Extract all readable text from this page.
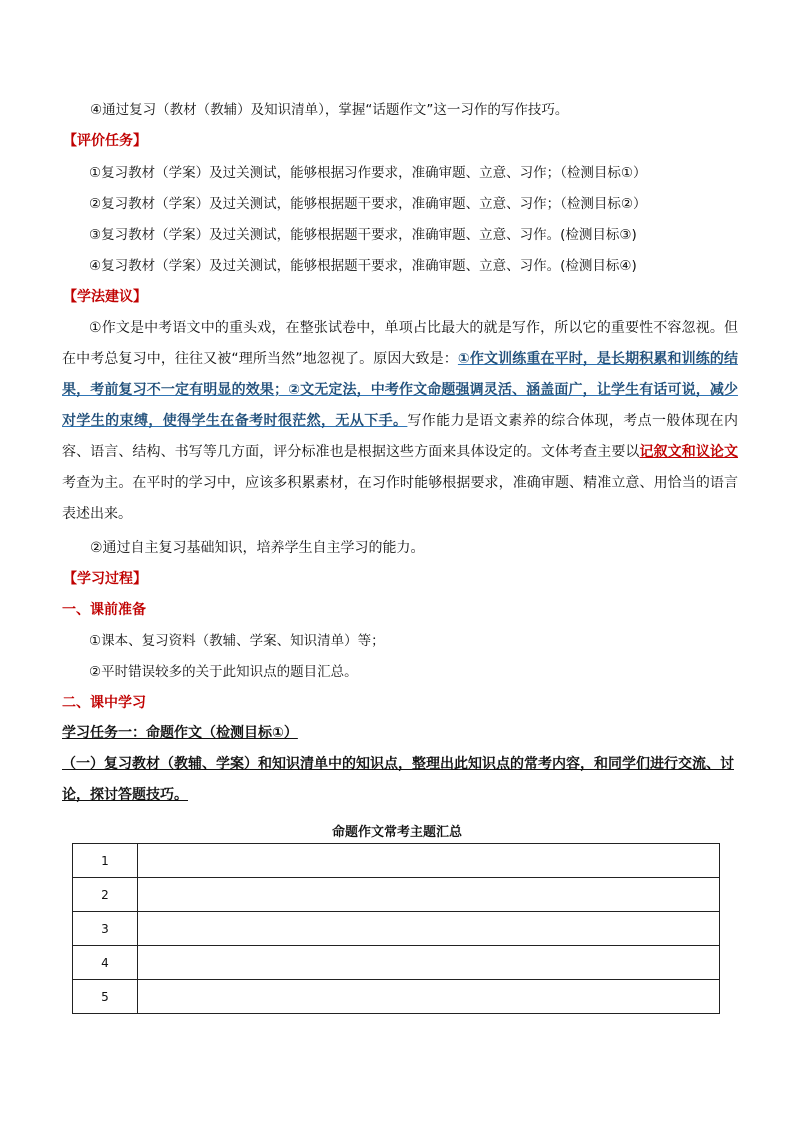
④通过复习（教材（教辅）及知识清单），掌握“话题作文”这一习作的写作技巧。
【评价任务】
①复习教材（学案）及过关测试，能够根据习作要求，准确审题、立意、习作；（检测目标①）
②复习教材（学案）及过关测试，能够根据题干要求，准确审题、立意、习作；（检测目标②）
③复习教材（学案）及过关测试，能够根据题干要求，准确审题、立意、习作。(检测目标③)
④复习教材（学案）及过关测试，能够根据题干要求，准确审题、立意、习作。(检测目标④)
【学法建议】
①作文是中考语文中的重头戏，在整张试卷中，单项占比最大的就是写作，所以它的重要性不容忽视。但在中考总复习中，往往又被“理所当然”地忽视了。原因大致是：①作文训练重在平时，是长期积累和训练的结果，考前复习不一定有明显的效果；②文无定法，中考作文命题强调灵活、涵盖面广，让学生有话可说，减少对学生的束缚，使得学生在备考时很茫然，无从下手。写作能力是语文素养的综合体现，考点一般体现在内容、语言、结构、书写等几方面，评分标准也是根据这些方面来具体设定的。文体考查主要以记叙文和议论文考查为主。在平时的学习中，应该多积累素材，在习作时能够根据要求，准确审题、精准立意、用恰当的语言表述出来。
②通过自主复习基础知识，培养学生自主学习的能力。
【学习过程】
一、课前准备
①课本、复习资料（教辅、学案、知识清单）等；
②平时错误较多的关于此知识点的题目汇总。
二、课中学习
学习任务一：命题作文（检测目标①）
（一）复习教材（教辅、学案）和知识清单中的知识点，整理出此知识点的常考内容，和同学们进行交流、讨论，探讨答题技巧。
命题作文常考主题汇总
1	
2	
3	
4	
5	
